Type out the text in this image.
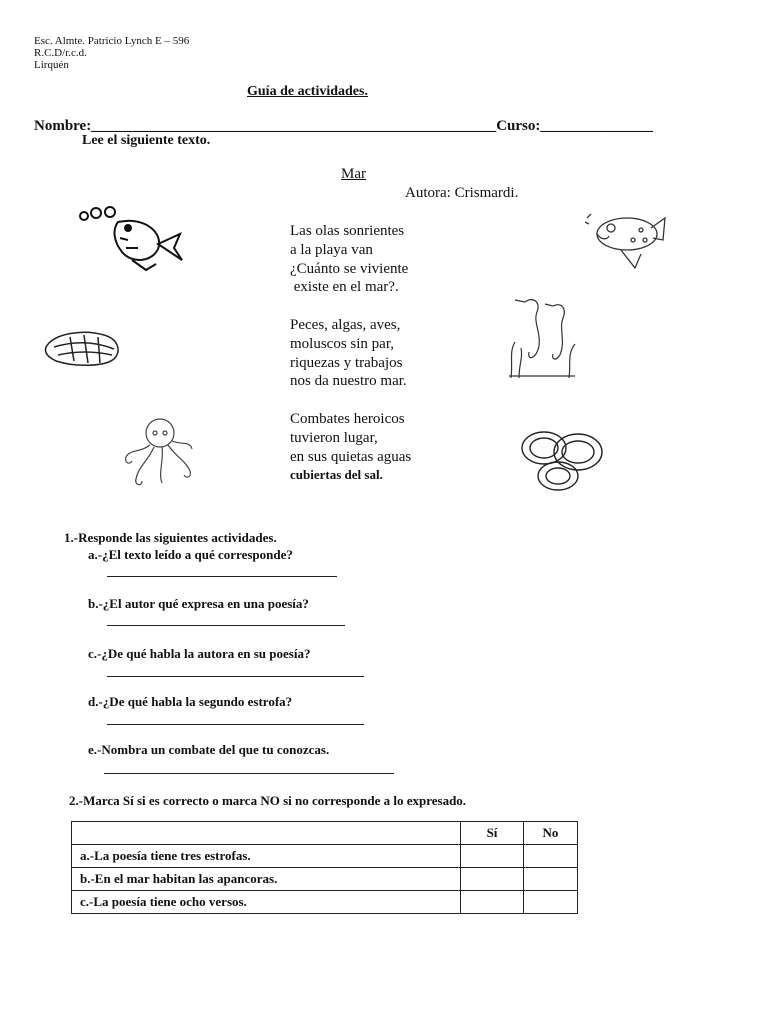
Esc. Almte. Patricio Lynch E – 596
R.C.D/r.c.d.
Lirquén
Guía de actividades.
Nombre:______________________________________________________Curso:_______________
Lee el siguiente texto.
Mar
Autora: Crismardi.
Las olas sonrientes
a la playa van
¿Cuánto se viviente
existe en el mar?.

Peces, algas, aves,
moluscos sin par,
riquezas y trabajos
nos da nuestro mar.

Combates heroicos
tuvieron lugar,
en sus quietas aguas
cubiertas del sal.
1.-Responde las siguientes actividades.
a.-¿El texto leído a qué corresponde?
b.-¿El autor qué expresa en una poesía?
c.-¿De qué habla la autora en su poesía?
d.-¿De qué habla la segundo estrofa?
e.-Nombra un combate del que tu conozcas.
2.-Marca Sí si es correcto o marca NO si no corresponde a lo expresado.
	Sí	No
a.-La poesía tiene tres estrofas.		
b.-En el mar habitan las apancoras.		
c.-La poesía tiene ocho versos.		
